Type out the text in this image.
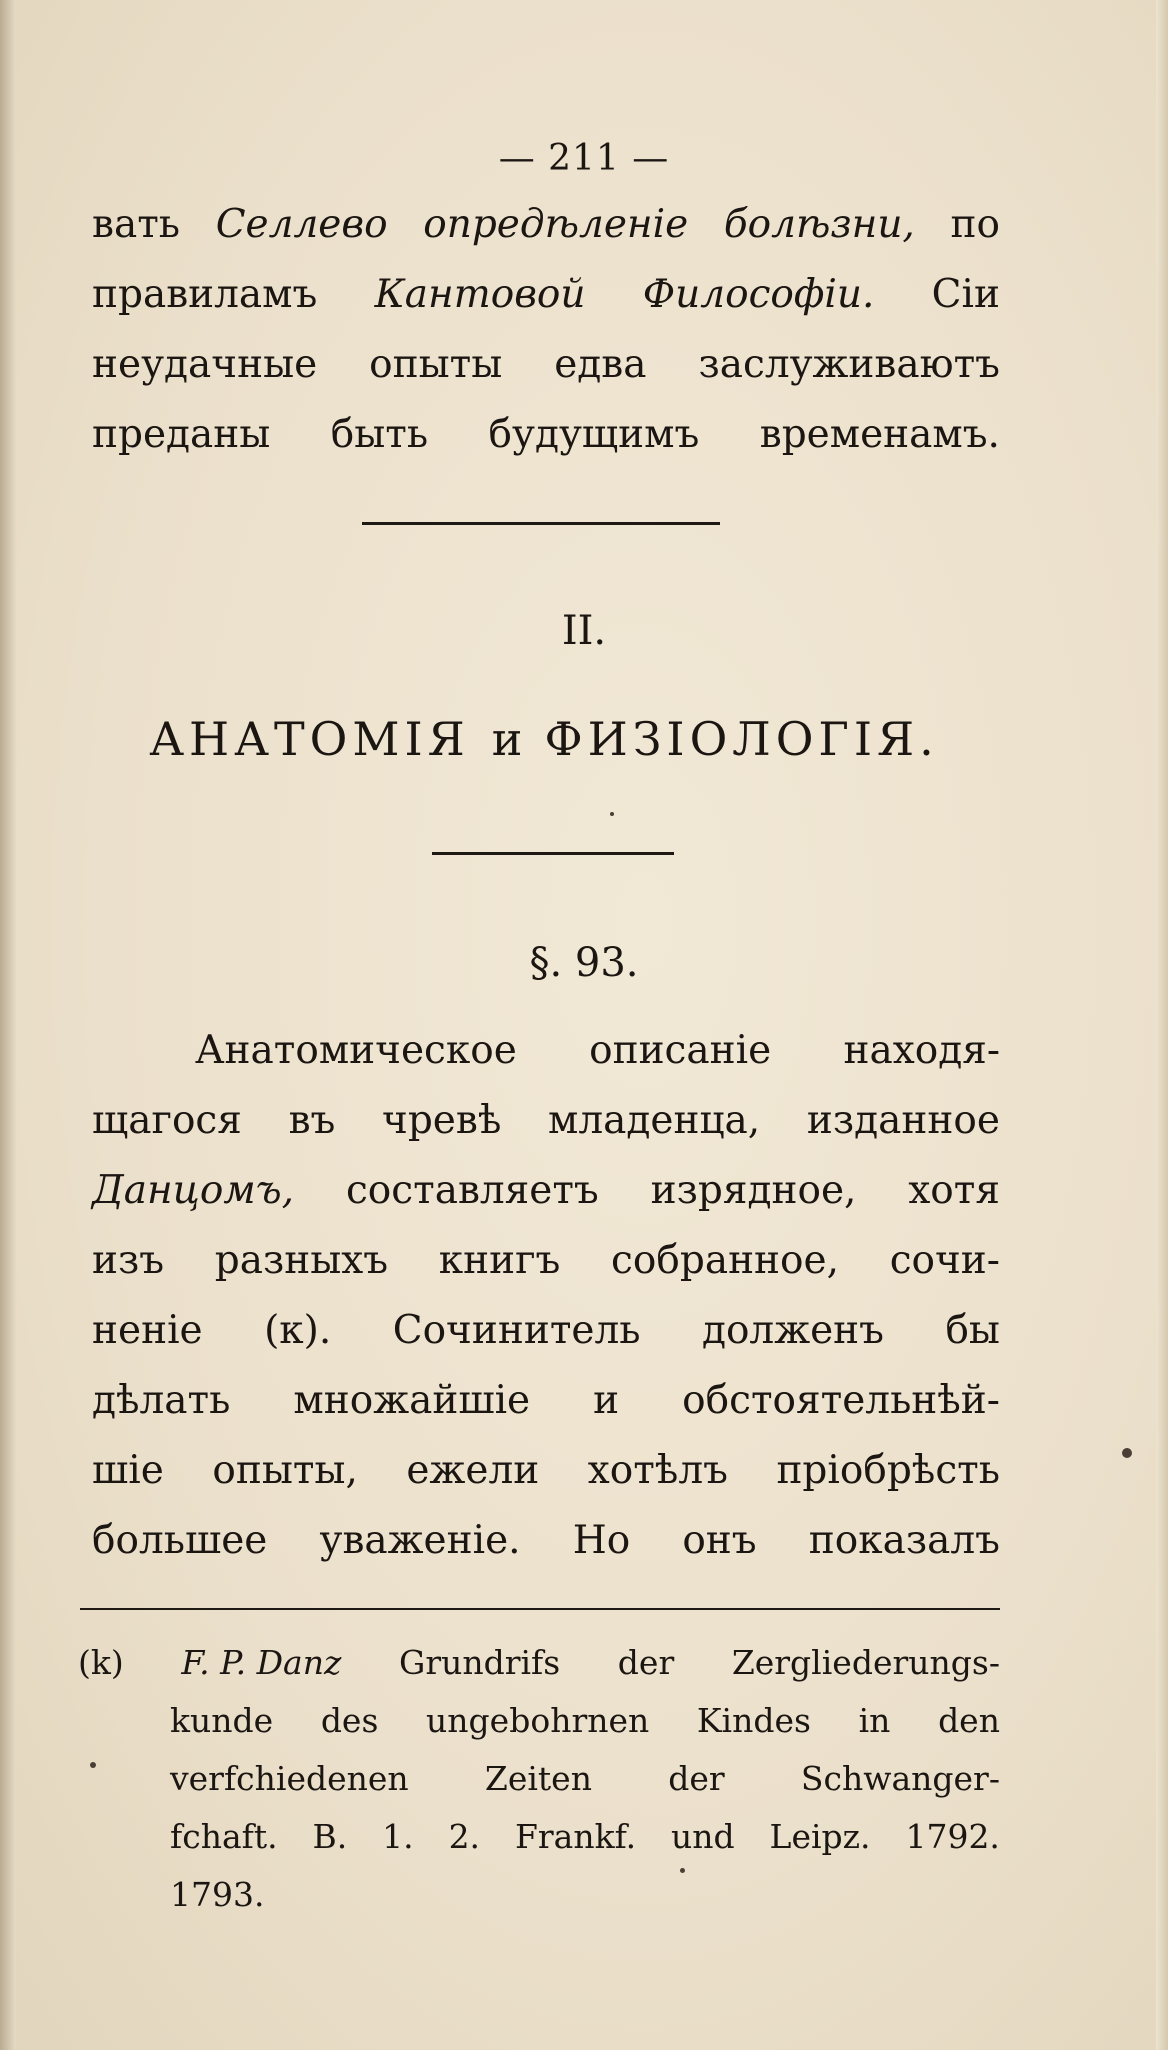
— 211 —
вать Селлево опредѣленіе болѣзни, по
правиламъ Кантовой Философіи. Сіи
неудачные опыты едва заслуживаютъ
преданы быть будущимъ временамъ.
II.
АНАТОМІЯ и ФИЗІОЛОГІЯ.
§. 93.
Анатомическое описаніе находя-
щагося въ чревѣ младенца, изданное
Данцомъ, составляетъ изрядное, хотя
изъ разныхъ книгъ собранное, сочи-
неніе (к). Сочинитель долженъ бы
дѣлать множайшіе и обстоятельнѣй-
шіе опыты, ежели хотѣлъ пріобрѣсть
большее уваженіе. Но онъ показалъ
(k) F. P. Danz Grundrifs der Zergliederungs-
kunde des ungebohrnen Kindes in den
verfchiedenen Zeiten der Schwanger-
fchaft. B. 1. 2. Frankf. und Leipz. 1792.
1793.
